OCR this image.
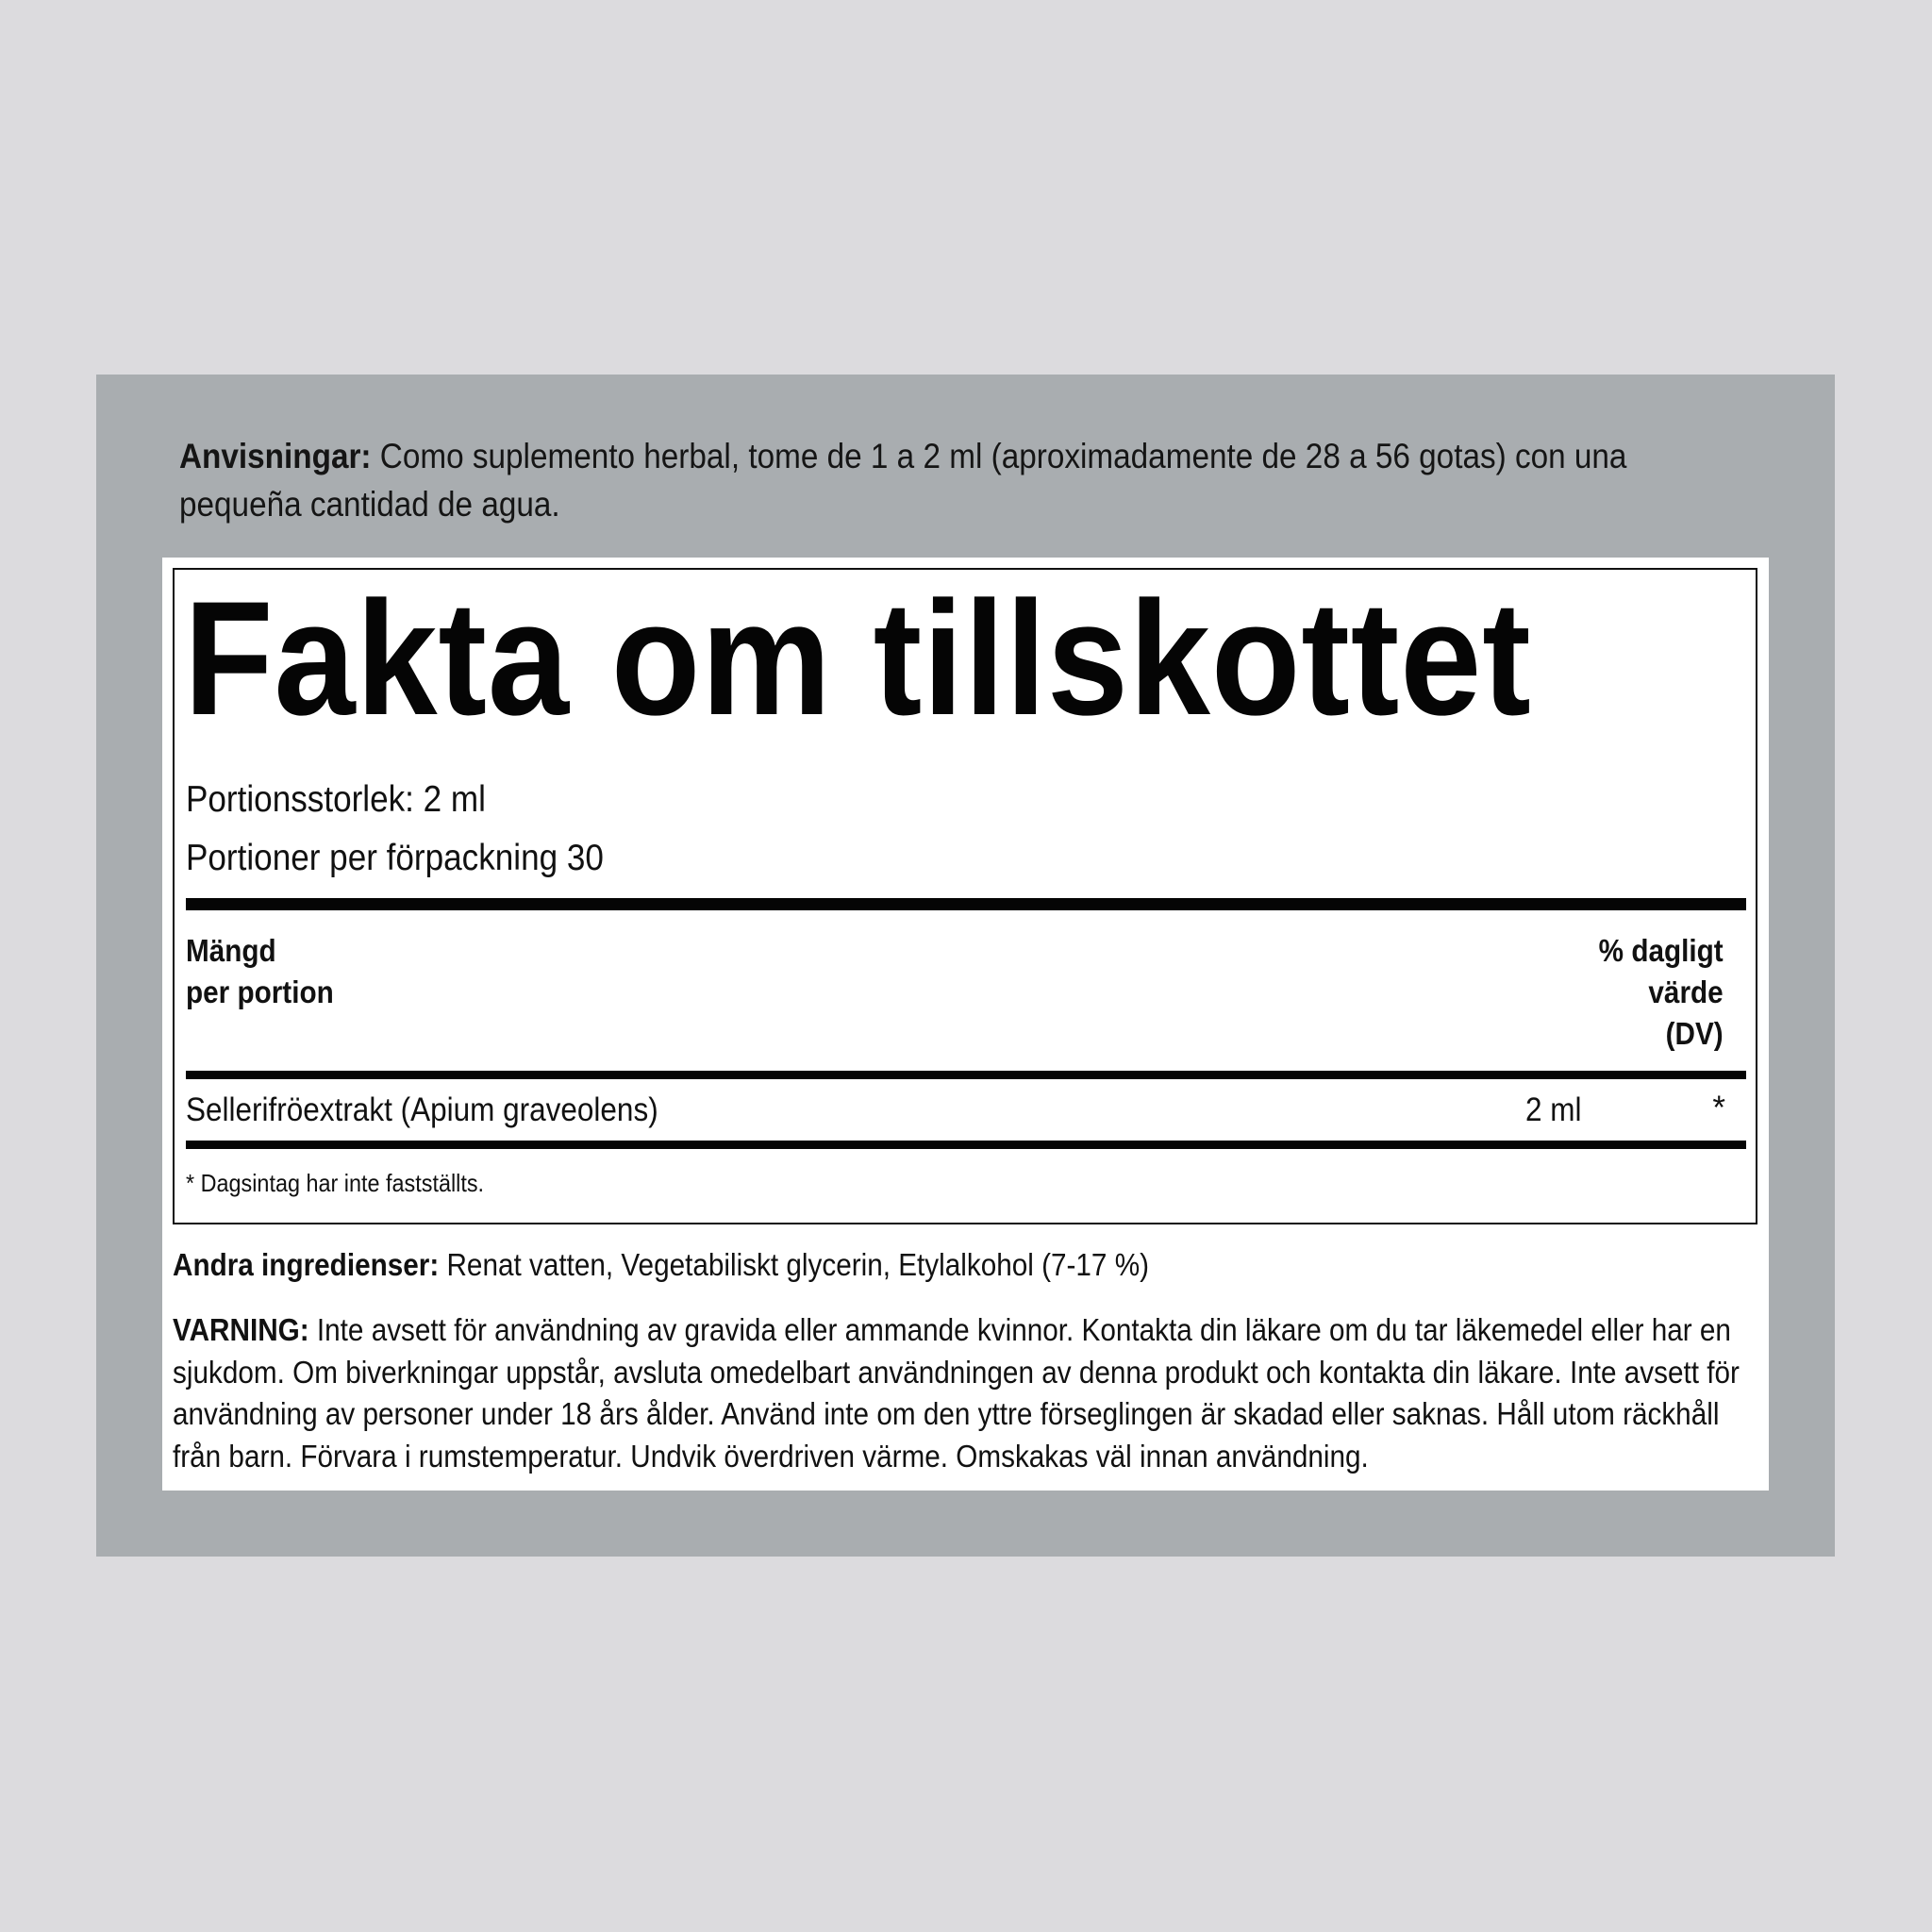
Anvisningar: Como suplemento herbal, tome de 1 a 2 ml (aproximadamente de 28 a 56 gotas) con una pequeña cantidad de agua.
Fakta om tillskottet
Portionsstorlek: 2 ml
Portioner per förpackning 30
Mängd
per portion
% dagligt
värde
(DV)
Sellerifröextrakt (Apium graveolens)	2 ml	*
* Dagsintag har inte fastställts.
Andra ingredienser: Renat vatten, Vegetabiliskt glycerin, Etylalkohol (7-17 %)
VARNING: Inte avsett för användning av gravida eller ammande kvinnor. Kontakta din läkare om du tar läkemedel eller har en sjukdom. Om biverkningar uppstår, avsluta omedelbart användningen av denna produkt och kontakta din läkare. Inte avsett för användning av personer under 18 års ålder. Använd inte om den yttre förseglingen är skadad eller saknas. Håll utom räckhåll från barn. Förvara i rumstemperatur. Undvik överdriven värme. Omskakas väl innan användning.
